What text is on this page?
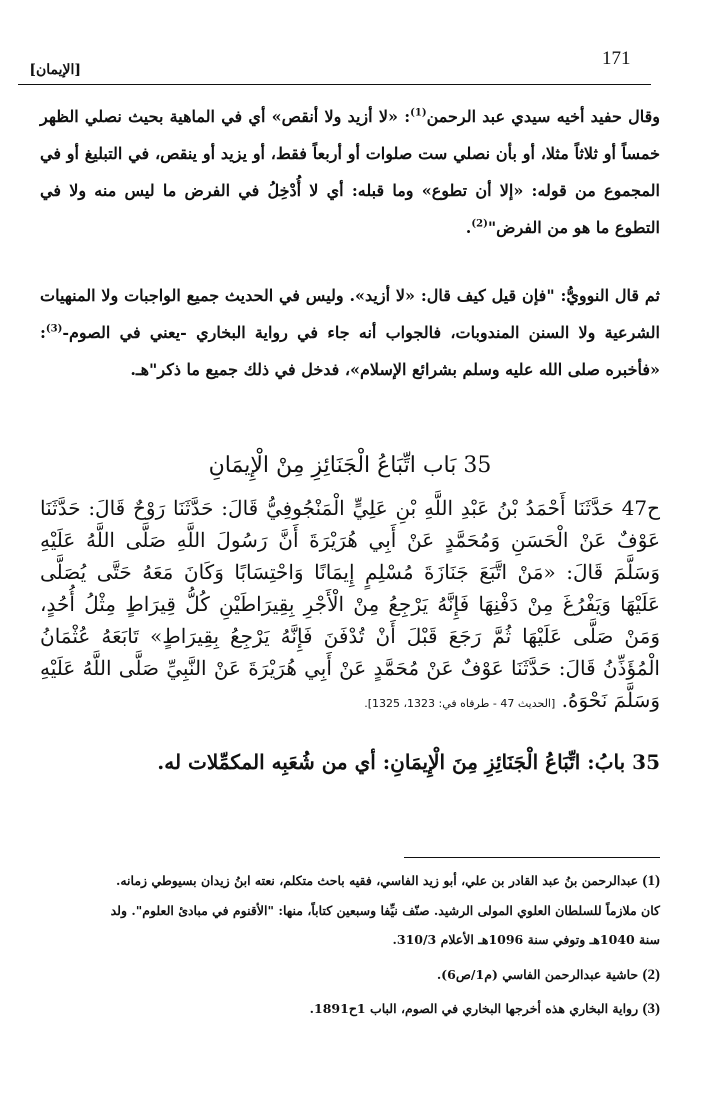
171
[الإيمان]

وقال حفيد أخيه سيدي عبد الرحمن$^{(1)}$: «لا أزيد ولا أنقص» أي في الماهية بحيث نصلي الظهر خمساً أو ثلاثاً مثلا، أو بأن نصلي ست صلوات أو أربعاً فقط، أو يزيد أو ينقص، في التبليغ أو في المجموع من قوله: «إلا أن تطوع» وما قبله: أي لا أُدْخِلُ في الفرض ما ليس منه ولا في التطوع ما هو من الفرض"$^{(2)}$.

ثم قال النوويُّ: "فإن قيل كيف قال: «لا أزيد». وليس في الحديث جميع الواجبات ولا المنهيات الشرعية ولا السنن المندوبات، فالجواب أنه جاء في رواية البخاري -يعني في الصوم-$^{(3)}$: «فأخبره صلى الله عليه وسلم بشرائع الإسلام»، فدخل في ذلك جميع ما ذكر"هـ.

35 بَاب اتِّبَاعُ الْجَنَائِزِ مِنْ الْإِيمَانِ

ح47 حَدَّثَنَا أَحْمَدُ بْنُ عَبْدِ اللَّهِ بْنِ عَلِيٍّ الْمَنْجُوفِيُّ قَالَ: حَدَّثَنَا رَوْحٌ قَالَ: حَدَّثَنَا عَوْفٌ عَنْ الْحَسَنِ وَمُحَمَّدٍ عَنْ أَبِي هُرَيْرَةَ أَنَّ رَسُولَ اللَّهِ صَلَّى اللَّهُ عَلَيْهِ وَسَلَّمَ قَالَ: «مَنْ اتَّبَعَ جَنَازَةَ مُسْلِمٍ إِيمَانًا وَاحْتِسَابًا وَكَانَ مَعَهُ حَتَّى يُصَلَّى عَلَيْهَا وَيَفْرُغَ مِنْ دَفْنِهَا فَإِنَّهُ يَرْجِعُ مِنْ الْأَجْرِ بِقِيرَاطَيْنِ كُلُّ قِيرَاطٍ مِثْلُ أُحُدٍ، وَمَنْ صَلَّى عَلَيْهَا ثُمَّ رَجَعَ قَبْلَ أَنْ تُدْفَنَ فَإِنَّهُ يَرْجِعُ بِقِيرَاطٍ» تَابَعَهُ عُثْمَانُ الْمُؤَذِّنُ قَالَ: حَدَّثَنَا عَوْفٌ عَنْ مُحَمَّدٍ عَنْ أَبِي هُرَيْرَةَ عَنْ النَّبِيِّ صَلَّى اللَّهُ عَلَيْهِ وَسَلَّمَ نَحْوَهُ. [الحديث 47 - طرفاه في: 1323، 1325].

35 بابُ: اتِّبَاعُ الْجَنَائِزِ مِنَ الْإِيمَانِ: أي من شُعَبِه المكمِّلات له.

(1) عبدالرحمن بنُ عبد القادر بن علي، أبو زيد الفاسي، فقيه باحث متكلم، نعته ابنُ زيدان بسيوطي زمانه.

كان ملازماً للسلطان العلوي المولى الرشيد. صنّف نيِّفا وسبعين كتاباً، منها: "الأقنوم في مبادئ العلوم". ولد

سنة 1040هـ وتوفي سنة 1096هـ الأعلام 310/3.

(2) حاشية عبدالرحمن الفاسي (م1/ص6).

(3) رواية البخاري هذه أخرجها البخاري في الصوم، الباب 1ح1891.
